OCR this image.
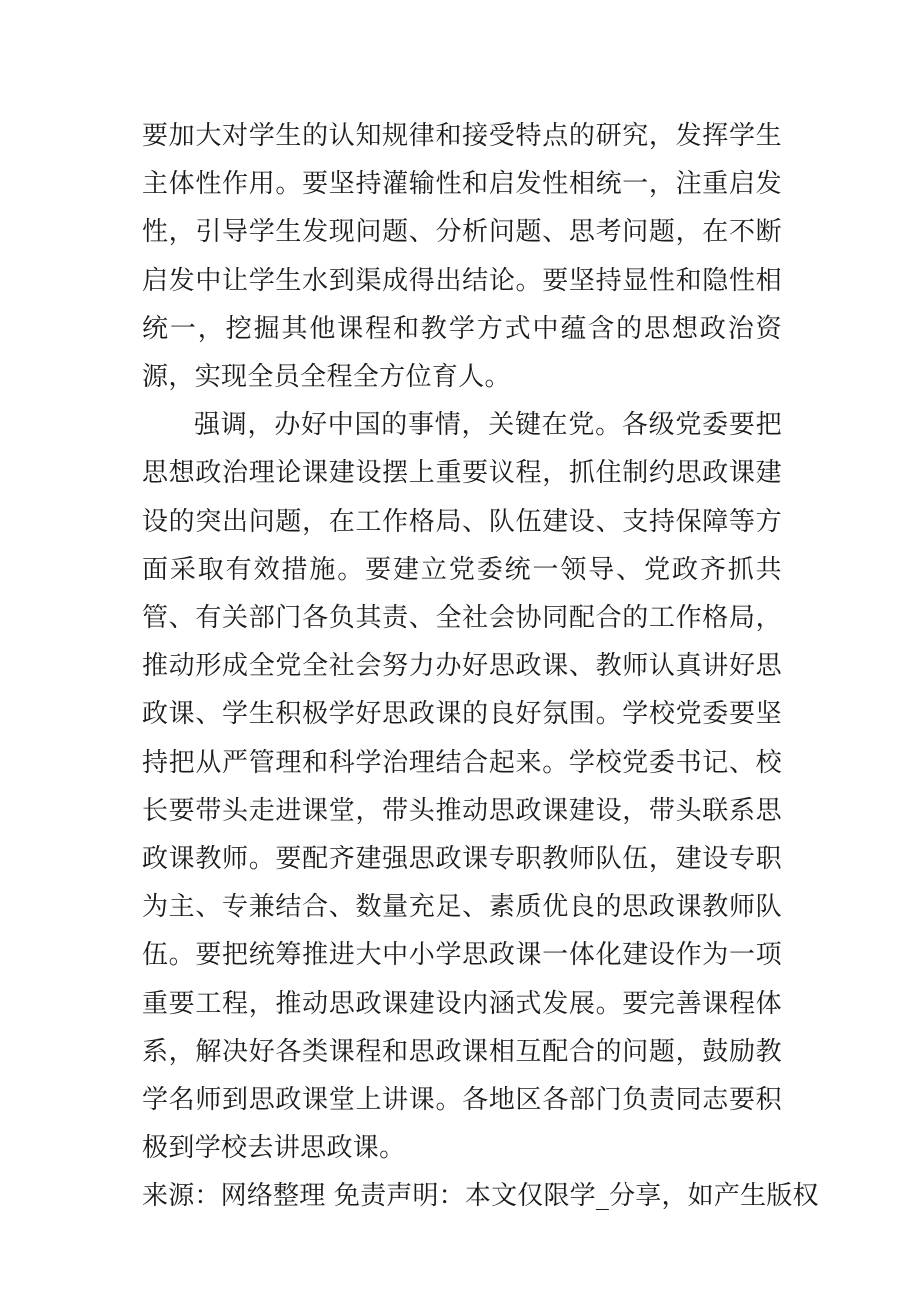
要加大对学生的认知规律和接受特点的研究，发挥学生主体性作用。要坚持灌输性和启发性相统一，注重启发性，引导学生发现问题、分析问题、思考问题，在不断启发中让学生水到渠成得出结论。要坚持显性和隐性相统一，挖掘其他课程和教学方式中蕴含的思想政治资源，实现全员全程全方位育人。

强调，办好中国的事情，关键在党。各级党委要把思想政治理论课建设摆上重要议程，抓住制约思政课建设的突出问题，在工作格局、队伍建设、支持保障等方面采取有效措施。要建立党委统一领导、党政齐抓共管、有关部门各负其责、全社会协同配合的工作格局，推动形成全党全社会努力办好思政课、教师认真讲好思政课、学生积极学好思政课的良好氛围。学校党委要坚持把从严管理和科学治理结合起来。学校党委书记、校长要带头走进课堂，带头推动思政课建设，带头联系思政课教师。要配齐建强思政课专职教师队伍，建设专职为主、专兼结合、数量充足、素质优良的思政课教师队伍。要把统筹推进大中小学思政课一体化建设作为一项重要工程，推动思政课建设内涵式发展。要完善课程体系，解决好各类课程和思政课相互配合的问题，鼓励教学名师到思政课堂上讲课。各地区各部门负责同志要积极到学校去讲思政课。

来源：网络整理 免责声明：本文仅限学_分享，如产生版权
